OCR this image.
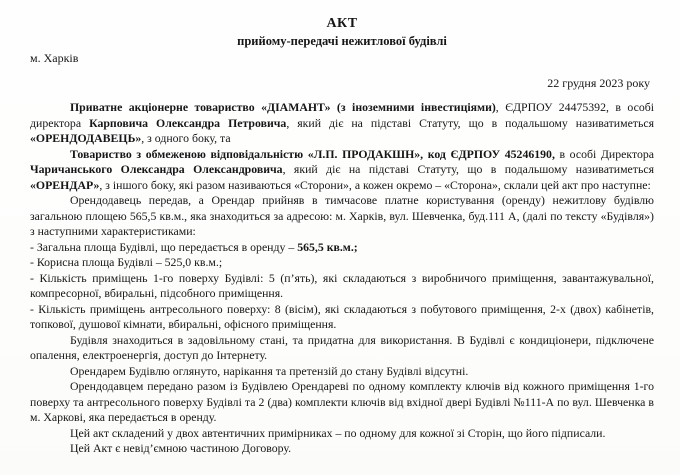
АКТ
прийому-передачі нежитлової будівлі
м. Харків
22 грудня 2023 року

Приватне акціонерне товариство «ДІАМАНТ» (з іноземними інвестиціями), ЄДРПОУ 24475392, в особі директора Карповича Олександра Петровича, який діє на підставі Статуту, що в подальшому називатиметься «ОРЕНДОДАВЕЦЬ», з одного боку, та

Товариство з обмеженою відповідальністю «Л.П. ПРОДАКШН», код ЄДРПОУ 45246190, в особі Директора Чаричанського Олександра Олександровича, який діє на підставі Статуту, що в подальшому називатиметься «ОРЕНДАР», з іншого боку, які разом називаються «Сторони», а кожен окремо – «Сторона», склали цей акт про наступне:

Орендодавець передав, а Орендар прийняв в тимчасове платне користування (оренду) нежитлову будівлю загальною площею 565,5 кв.м., яка знаходиться за адресою: м. Харків, вул. Шевченка, буд.111 А, (далі по тексту «Будівля») з наступними характеристиками:

- Загальна площа Будівлі, що передається в оренду – 565,5 кв.м.;

- Корисна площа Будівлі – 525,0 кв.м.;

- Кількість приміщень 1-го поверху Будівлі: 5 (п’ять), які складаються з виробничого приміщення, завантажувальної, компресорної, вбиральні, підсобного приміщення.

- Кількість приміщень антресольного поверху: 8 (вісім), які складаються з побутового приміщення, 2-х (двох) кабінетів, топкової, душової кімнати, вбиральні, офісного приміщення.

Будівля знаходиться в задовільному стані, та придатна для використання. В Будівлі є кондиціонери, підключене опалення, електроенергія, доступ до Інтернету.

Орендарем Будівлю оглянуто, нарікання та претензій до стану Будівлі відсутні.

Орендодавцем передано разом із Будівлею Орендареві по одному комплекту ключів від кожного приміщення 1-го поверху та антресольного поверху Будівлі та 2 (два) комплекти ключів від вхідної двері Будівлі №111-А по вул. Шевченка в м. Харкові, яка передається в оренду.

Цей акт складений у двох автентичних примірниках – по одному для кожної зі Сторін, що його підписали.

Цей Акт є невід’ємною частиною Договору.
